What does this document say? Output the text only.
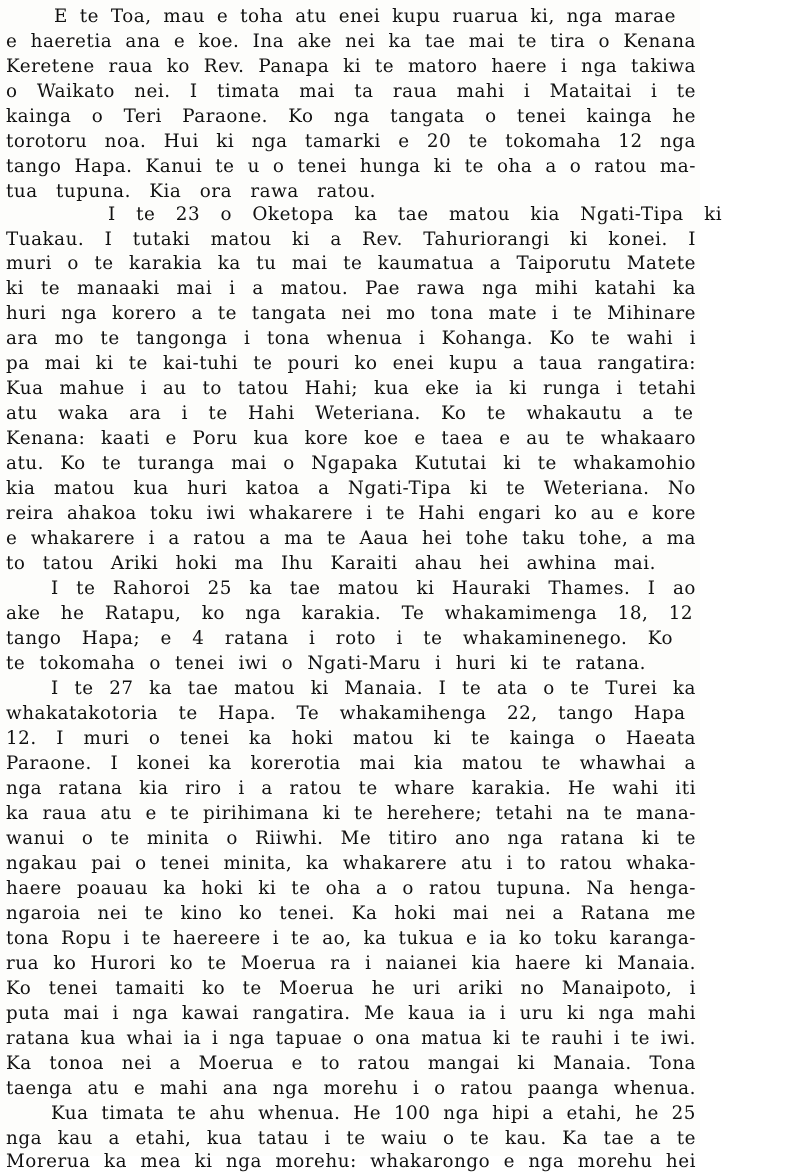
E te Toa, mau e toha atu enei kupu ruarua ki, nga marae
e haeretia ana e koe. Ina ake nei ka tae mai te tira o Kenana
Keretene raua ko Rev. Panapa ki te matoro haere i nga takiwa
o Waikato nei. I timata mai ta raua mahi i Mataitai i te
kainga o Teri Paraone. Ko nga tangata o tenei kainga he
torotoru noa. Hui ki nga tamarki e 20 te tokomaha 12 nga
tango Hapa. Kanui te u o tenei hunga ki te oha a o ratou ma-
tua tupuna. Kia ora rawa ratou.
I te 23 o Oketopa ka tae matou kia Ngati-Tipa ki
Tuakau. I tutaki matou ki a Rev. Tahuriorangi ki konei. I
muri o te karakia ka tu mai te kaumatua a Taiporutu Matete
ki te manaaki mai i a matou. Pae rawa nga mihi katahi ka
huri nga korero a te tangata nei mo tona mate i te Mihinare
ara mo te tangonga i tona whenua i Kohanga. Ko te wahi i
pa mai ki te kai-tuhi te pouri ko enei kupu a taua rangatira:
Kua mahue i au to tatou Hahi; kua eke ia ki runga i tetahi
atu waka ara i te Hahi Weteriana. Ko te whakautu a te
Kenana: kaati e Poru kua kore koe e taea e au te whakaaro
atu. Ko te turanga mai o Ngapaka Kututai ki te whakamohio
kia matou kua huri katoa a Ngati-Tipa ki te Weteriana. No
reira ahakoa toku iwi whakarere i te Hahi engari ko au e kore
e whakarere i a ratou a ma te Aaua hei tohe taku tohe, a ma
to tatou Ariki hoki ma Ihu Karaiti ahau hei awhina mai.
I te Rahoroi 25 ka tae matou ki Hauraki Thames. I ao
ake he Ratapu, ko nga karakia. Te whakamimenga 18, 12
tango Hapa; e 4 ratana i roto i te whakaminenego. Ko
te tokomaha o tenei iwi o Ngati-Maru i huri ki te ratana.
I te 27 ka tae matou ki Manaia. I te ata o te Turei ka
whakatakotoria te Hapa. Te whakamihenga 22, tango Hapa
12. I muri o tenei ka hoki matou ki te kainga o Haeata
Paraone. I konei ka korerotia mai kia matou te whawhai a
nga ratana kia riro i a ratou te whare karakia. He wahi iti
ka raua atu e te pirihimana ki te herehere; tetahi na te mana-
wanui o te minita o Riiwhi. Me titiro ano nga ratana ki te
ngakau pai o tenei minita, ka whakarere atu i to ratou whaka-
haere poauau ka hoki ki te oha a o ratou tupuna. Na henga-
ngaroia nei te kino ko tenei. Ka hoki mai nei a Ratana me
tona Ropu i te haereere i te ao, ka tukua e ia ko toku karanga-
rua ko Hurori ko te Moerua ra i naianei kia haere ki Manaia.
Ko tenei tamaiti ko te Moerua he uri ariki no Manaipoto, i
puta mai i nga kawai rangatira. Me kaua ia i uru ki nga mahi
ratana kua whai ia i nga tapuae o ona matua ki te rauhi i te iwi.
Ka tonoa nei a Moerua e to ratou mangai ki Manaia. Tona
taenga atu e mahi ana nga morehu i o ratou paanga whenua.
Kua timata te ahu whenua. He 100 nga hipi a etahi, he 25
nga kau a etahi, kua tatau i te waiu o te kau. Ka tae a te
Morerua ka mea ki nga morehu: whakarongo e nga morehu hei
